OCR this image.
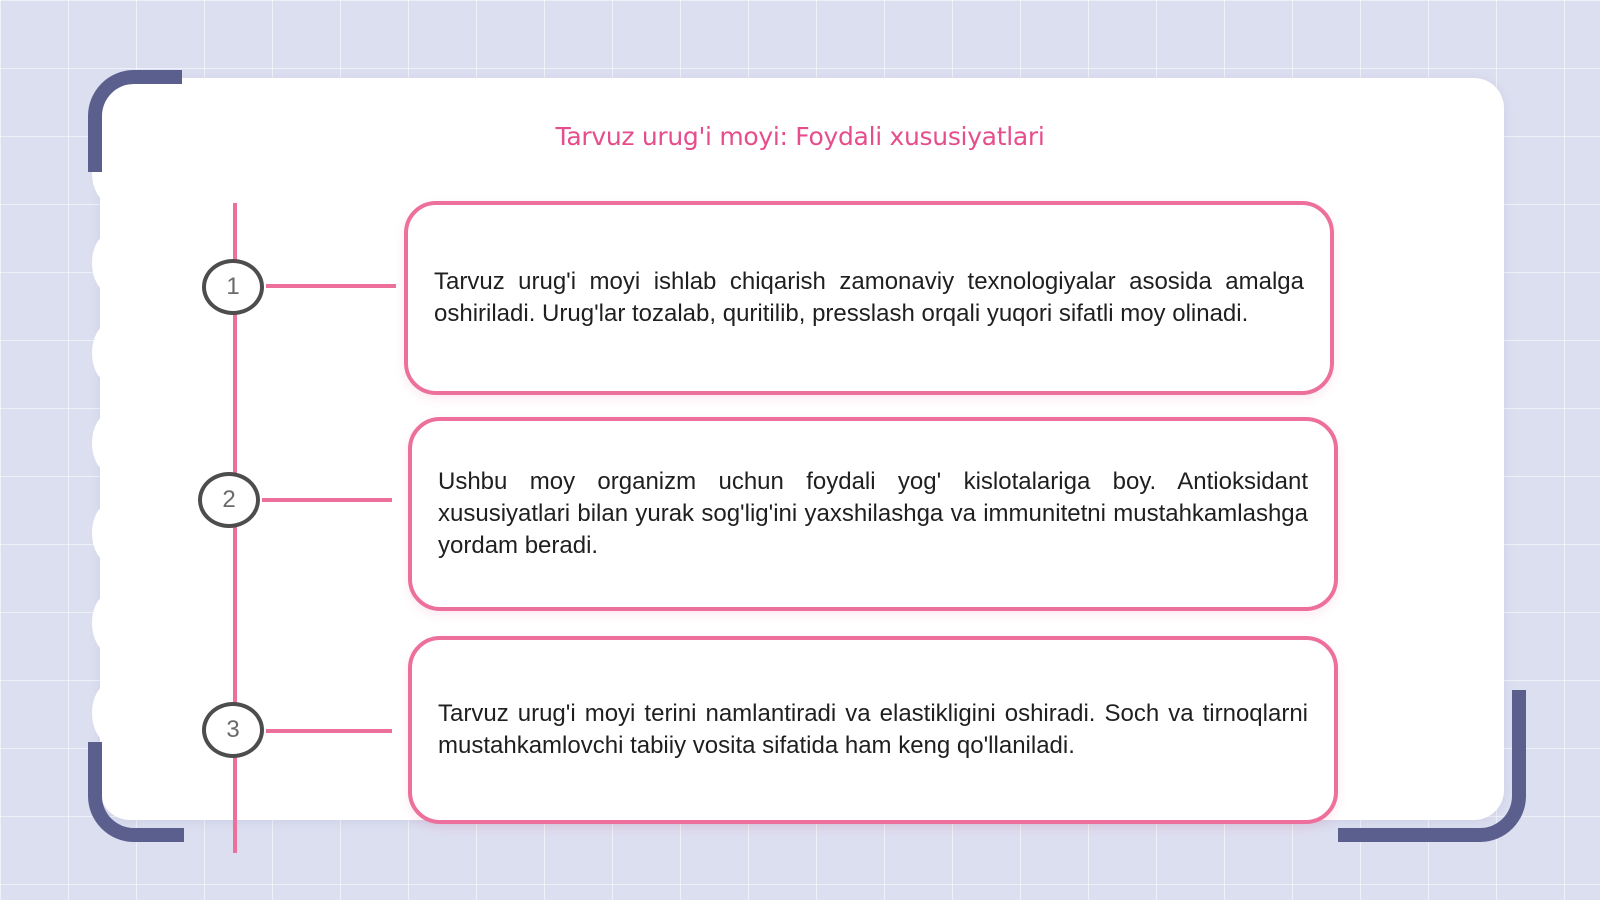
Tarvuz urug'i moyi: Foydali xususiyatlari
1
2
3

Tarvuz urug'i moyi ishlab chiqarish zamonaviy texnologiyalar asosida amalga oshiriladi. Urug'lar tozalab, quritilib, presslash orqali yuqori sifatli moy olinadi.

Ushbu moy organizm uchun foydali yog' kislotalariga boy. Antioksidant xususiyatlari bilan yurak sog'lig'ini yaxshilashga va immunitetni mustahkamlashga yordam beradi.

Tarvuz urug'i moyi terini namlantiradi va elastikligini oshiradi. Soch va tirnoqlarni mustahkamlovchi tabiiy vosita sifatida ham keng qo'llaniladi.
